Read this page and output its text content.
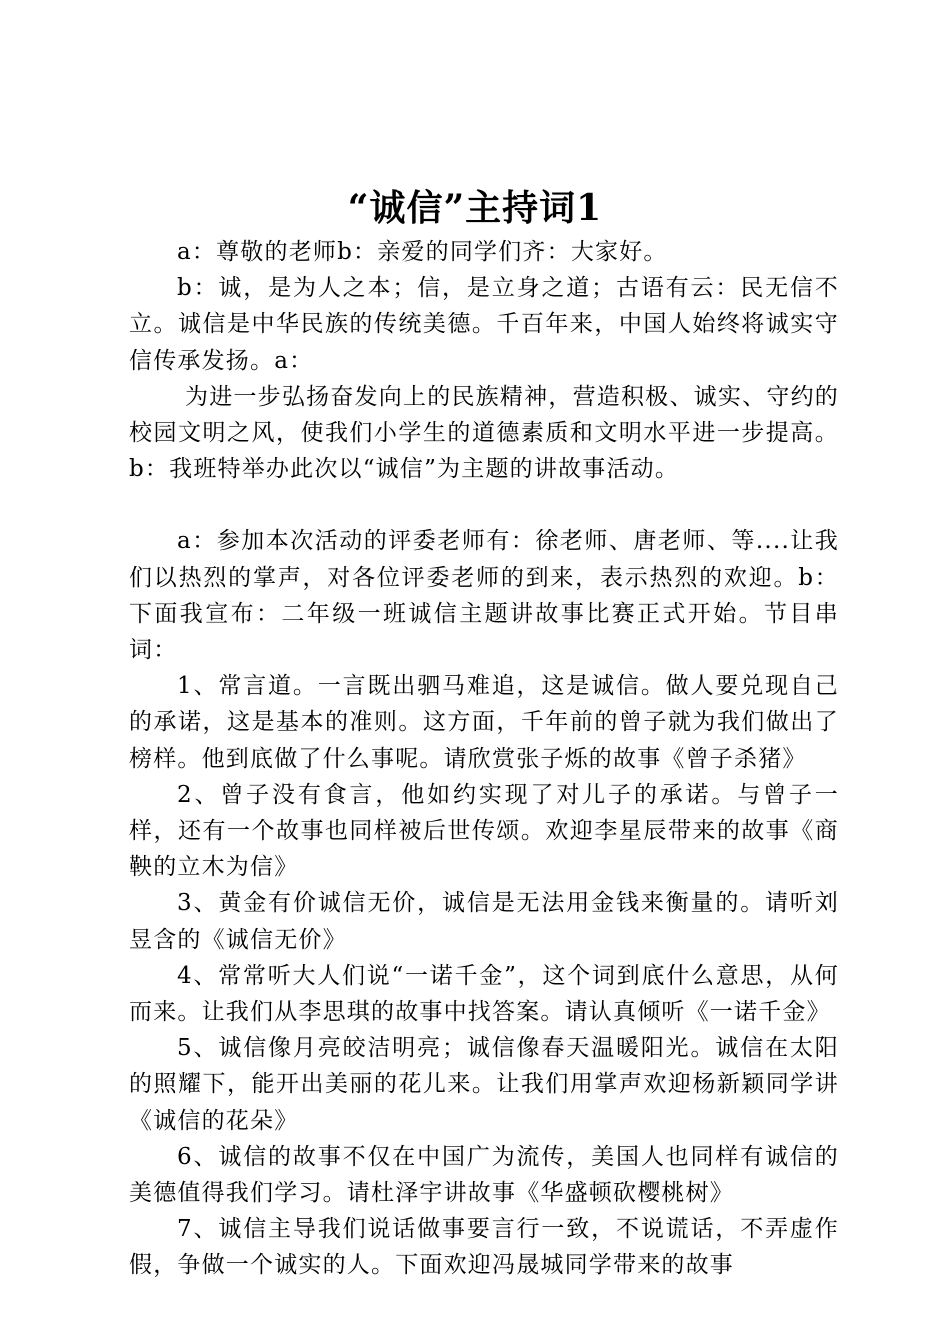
“诚信”主持词1

a：尊敬的老师b：亲爱的同学们齐：大家好。

b：诚，是为人之本；信，是立身之道；古语有云：民无信不立。诚信是中华民族的传统美德。千百年来，中国人始终将诚实守信传承发扬。a：

为进一步弘扬奋发向上的民族精神，营造积极、诚实、守约的校园文明之风，使我们小学生的道德素质和文明水平进一步提高。b：我班特举办此次以“诚信”为主题的讲故事活动。

a：参加本次活动的评委老师有：徐老师、唐老师、等....让我们以热烈的掌声，对各位评委老师的到来，表示热烈的欢迎。b：下面我宣布：二年级一班诚信主题讲故事比赛正式开始。节目串词：

1、常言道。一言既出驷马难追，这是诚信。做人要兑现自己的承诺，这是基本的准则。这方面，千年前的曾子就为我们做出了榜样。他到底做了什么事呢。请欣赏张子烁的故事《曾子杀猪》

2、曾子没有食言，他如约实现了对儿子的承诺。与曾子一样，还有一个故事也同样被后世传颂。欢迎李星辰带来的故事《商鞅的立木为信》

3、黄金有价诚信无价，诚信是无法用金钱来衡量的。请听刘昱含的《诚信无价》

4、常常听大人们说“一诺千金”，这个词到底什么意思，从何而来。让我们从李思琪的故事中找答案。请认真倾听《一诺千金》

5、诚信像月亮皎洁明亮；诚信像春天温暖阳光。诚信在太阳的照耀下，能开出美丽的花儿来。让我们用掌声欢迎杨新颖同学讲《诚信的花朵》

6、诚信的故事不仅在中国广为流传，美国人也同样有诚信的美德值得我们学习。请杜泽宇讲故事《华盛顿砍樱桃树》

7、诚信主导我们说话做事要言行一致，不说谎话，不弄虚作假，争做一个诚实的人。下面欢迎冯晟城同学带来的故事
